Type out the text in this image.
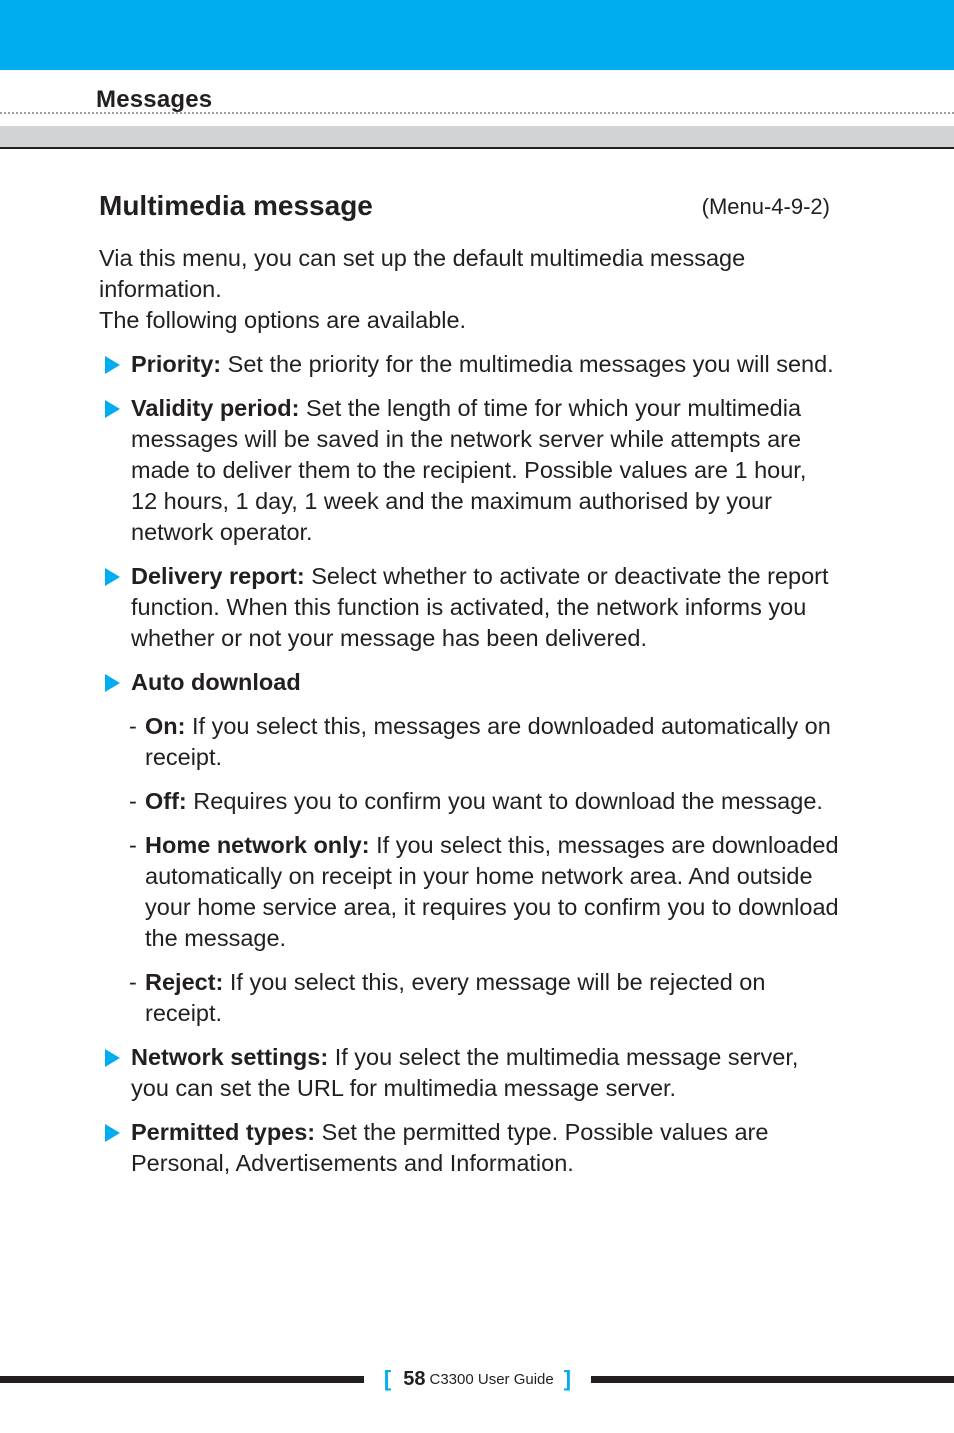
Messages
Multimedia message	(Menu-4-9-2)

Via this menu, you can set up the default multimedia message information.

The following options are available.

Priority: Set the priority for the multimedia messages you will send.
Validity period: Set the length of time for which your multimedia messages will be saved in the network server while attempts are made to deliver them to the recipient. Possible values are 1 hour, 12 hours, 1 day, 1 week and the maximum authorised by your network operator.
Delivery report: Select whether to activate or deactivate the report function. When this function is activated, the network informs you whether or not your message has been delivered.
Auto download
- On: If you select this, messages are downloaded automatically on receipt.
- Off: Requires you to confirm you want to download the message.
- Home network only: If you select this, messages are downloaded automatically on receipt in your home network area. And outside your home service area, it requires you to confirm you to download the message.
- Reject: If you select this, every message will be rejected on receipt.
Network settings: If you select the multimedia message server, you can set the URL for multimedia message server.
Permitted types: Set the permitted type. Possible values are Personal, Advertisements and Information.
[ 58 C3300 User Guide ]
